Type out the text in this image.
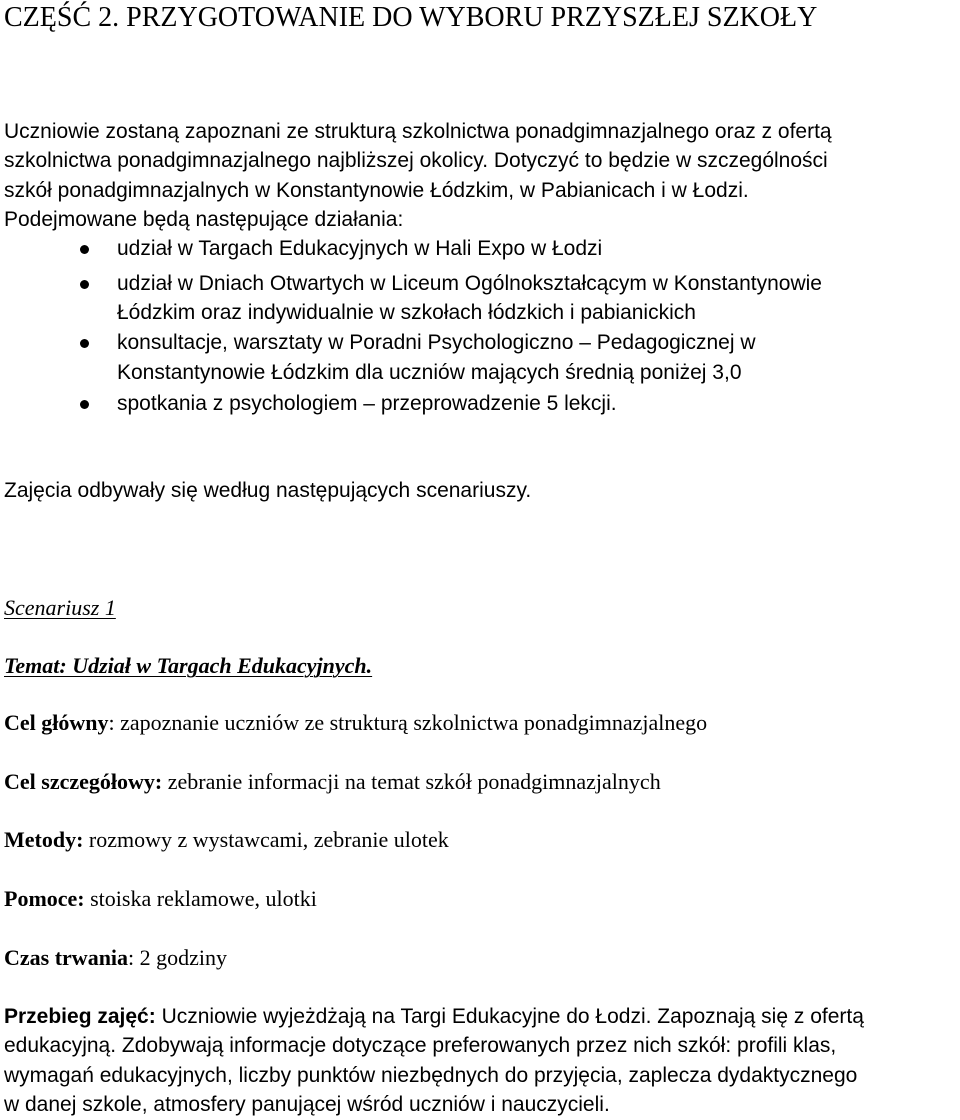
CZĘŚĆ 2. PRZYGOTOWANIE DO WYBORU PRZYSZŁEJ SZKOŁY
Uczniowie zostaną zapoznani ze strukturą szkolnictwa ponadgimnazjalnego oraz z ofertą
szkolnictwa ponadgimnazjalnego najbliższej okolicy. Dotyczyć to będzie w szczególności
szkół ponadgimnazjalnych w Konstantynowie Łódzkim, w Pabianicach i w Łodzi.
Podejmowane będą następujące działania:
udział w Targach Edukacyjnych w Hali Expo w Łodzi
udział w Dniach Otwartych w Liceum Ogólnokształcącym w Konstantynowie
Łódzkim oraz indywidualnie w szkołach łódzkich i pabianickich
konsultacje, warsztaty w Poradni Psychologiczno – Pedagogicznej w
Konstantynowie Łódzkim dla uczniów mających średnią poniżej 3,0
spotkania z psychologiem – przeprowadzenie 5 lekcji.
Zajęcia odbywały się według następujących scenariuszy.
Scenariusz 1
Temat: Udział w Targach Edukacyjnych.
Cel główny: zapoznanie uczniów ze strukturą szkolnictwa ponadgimnazjalnego
Cel szczegółowy: zebranie informacji na temat szkół ponadgimnazjalnych
Metody: rozmowy z wystawcami, zebranie ulotek
Pomoce: stoiska reklamowe, ulotki
Czas trwania: 2 godziny
Przebieg zajęć: Uczniowie wyjeżdżają na Targi Edukacyjne do Łodzi. Zapoznają się z ofertą
edukacyjną. Zdobywają informacje dotyczące preferowanych przez nich szkół: profili klas,
wymagań edukacyjnych, liczby punktów niezbędnych do przyjęcia, zaplecza dydaktycznego
w danej szkole, atmosfery panującej wśród uczniów i nauczycieli.
